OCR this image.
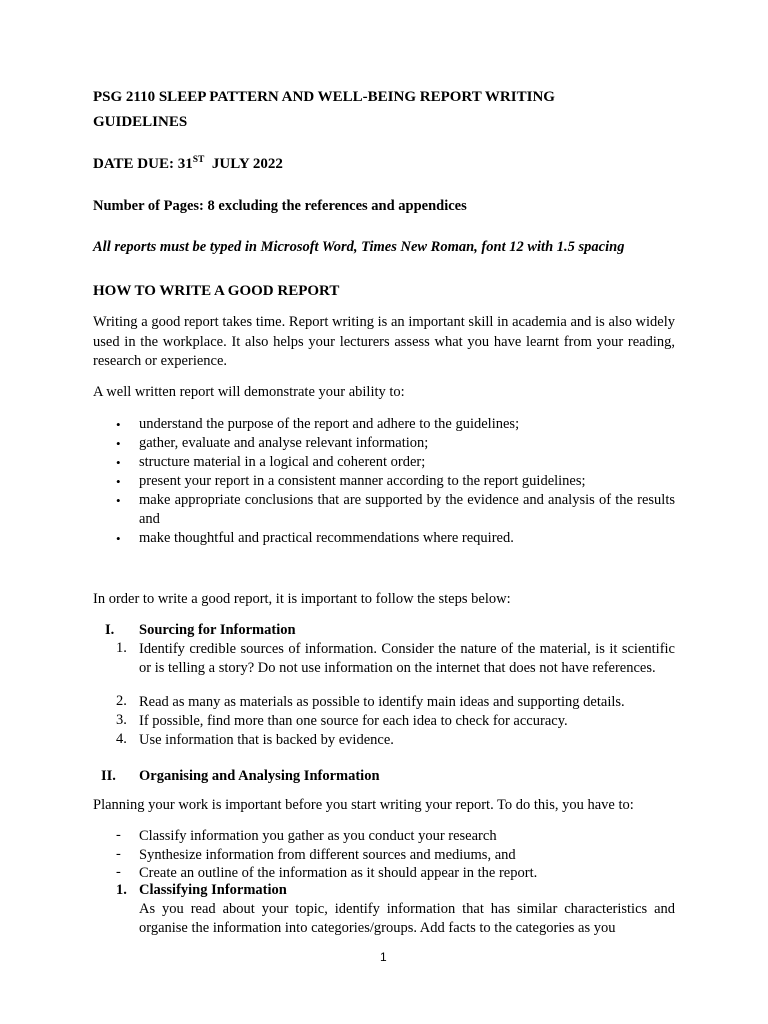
PSG 2110 SLEEP PATTERN AND WELL-BEING REPORT WRITING
GUIDELINES
DATE DUE: 31ST JULY 2022
Number of Pages: 8 excluding the references and appendices
All reports must be typed in Microsoft Word, Times New Roman, font 12 with 1.5 spacing
HOW TO WRITE A GOOD REPORT
Writing a good report takes time. Report writing is an important skill in academia and is also widely used in the workplace. It also helps your lecturers assess what you have learnt from your reading, research or experience.
A well written report will demonstrate your ability to:
• understand the purpose of the report and adhere to the guidelines;
• gather, evaluate and analyse relevant information;
• structure material in a logical and coherent order;
• present your report in a consistent manner according to the report guidelines;
• make appropriate conclusions that are supported by the evidence and analysis of the results and
• make thoughtful and practical recommendations where required.
In order to write a good report, it is important to follow the steps below:
I. Sourcing for Information
1. Identify credible sources of information. Consider the nature of the material, is it scientific or is telling a story? Do not use information on the internet that does not have references.
2. Read as many as materials as possible to identify main ideas and supporting details.
3. If possible, find more than one source for each idea to check for accuracy.
4. Use information that is backed by evidence.
II. Organising and Analysing Information
Planning your work is important before you start writing your report. To do this, you have to:
- Classify information you gather as you conduct your research
- Synthesize information from different sources and mediums, and
- Create an outline of the information as it should appear in the report.
1. Classifying Information
As you read about your topic, identify information that has similar characteristics and organise the information into categories/groups. Add facts to the categories as you
1
